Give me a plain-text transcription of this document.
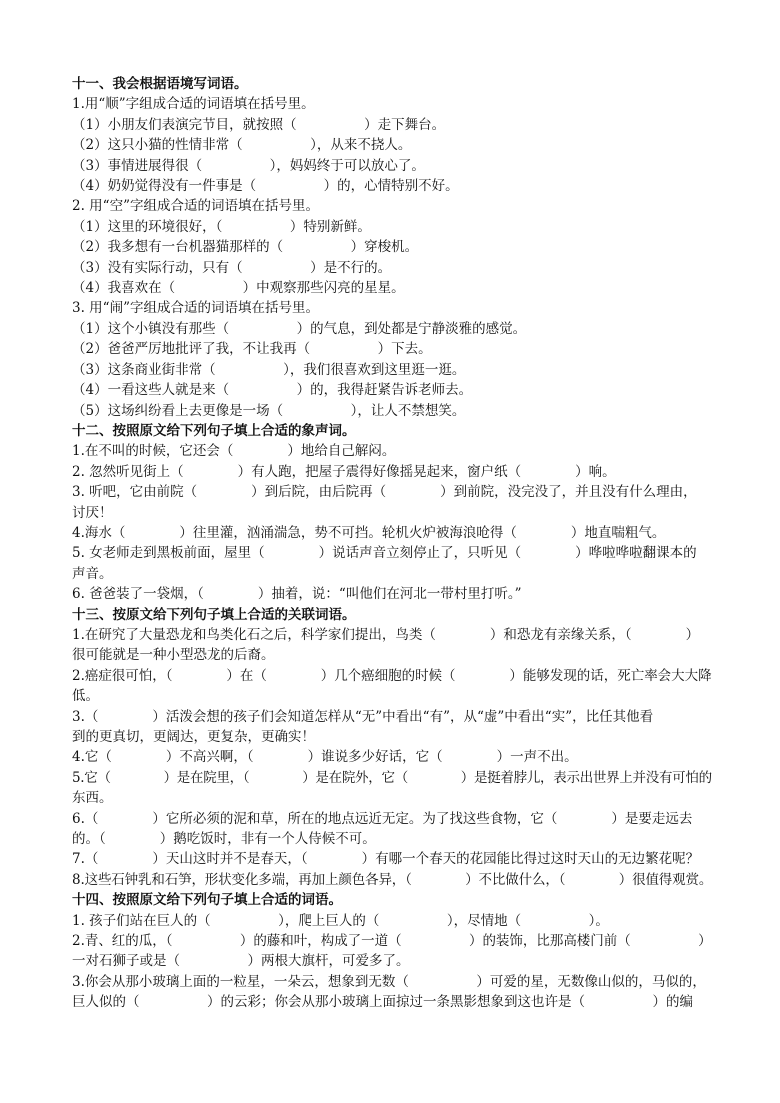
十一、我会根据语境写词语。
1.用“顺”字组成合适的词语填在括号里。
（1）小朋友们表演完节目，就按照（　　　　　）走下舞台。
（2）这只小猫的性情非常（　　　　　），从来不挠人。
（3）事情进展得很（　　　　　），妈妈终于可以放心了。
（4）奶奶觉得没有一件事是（　　　　　）的，心情特别不好。
2. 用“空”字组成合适的词语填在括号里。
（1）这里的环境很好，（　　　　　）特别新鲜。
（2）我多想有一台机器猫那样的（　　　　　）穿梭机。
（3）没有实际行动，只有（　　　　　）是不行的。
（4）我喜欢在（　　　　　）中观察那些闪亮的星星。
3. 用“闹”字组成合适的词语填在括号里。
（1）这个小镇没有那些（　　　　　）的气息，到处都是宁静淡雅的感觉。
（2）爸爸严厉地批评了我，不让我再（　　　　　）下去。
（3）这条商业街非常（　　　　　），我们很喜欢到这里逛一逛。
（4）一看这些人就是来（　　　　　）的，我得赶紧告诉老师去。
（5）这场纠纷看上去更像是一场（　　　　　），让人不禁想笑。
十二、按照原文给下列句子填上合适的象声词。
1.在不叫的时候，它还会（　　　　）地给自己解闷。
2. 忽然听见街上（　　　　）有人跑，把屋子震得好像摇晃起来，窗户纸（　　　　）响。
3. 听吧，它由前院（　　　　）到后院，由后院再（　　　　）到前院，没完没了，并且没有什么理由，
讨厌！
4.海水（　　　　）往里灌，汹涌湍急，势不可挡。轮机火炉被海浪呛得（　　　　）地直喘粗气。
5. 女老师走到黑板前面，屋里（　　　　）说话声音立刻停止了，只听见（　　　　）哗啦哗啦翻课本的
声音。
6. 爸爸装了一袋烟，（　　　　）抽着，说：“叫他们在河北一带村里打听。”
十三、按原文给下列句子填上合适的关联词语。
1.在研究了大量恐龙和鸟类化石之后，科学家们提出，鸟类（　　　　）和恐龙有亲缘关系，（　　　　）
很可能就是一种小型恐龙的后裔。
2.癌症很可怕，（　　　　）在（　　　　）几个癌细胞的时候（　　　　）能够发现的话，死亡率会大大降
低。
3.（　　　　）活泼会想的孩子们会知道怎样从“无”中看出“有”，从“虚”中看出“实”，比任其他看
到的更真切，更阔达，更复杂，更确实！
4.它（　　　　）不高兴啊，（　　　　）谁说多少好话，它（　　　　）一声不出。
5.它（　　　　）是在院里，（　　　　）是在院外，它（　　　　）是挺着脖儿，表示出世界上并没有可怕的
东西。
6.（　　　　）它所必须的泥和草，所在的地点远近无定。为了找这些食物，它（　　　　）是要走远去
的。（　　　　）鹅吃饭时，非有一个人侍候不可。
7.（　　　　）天山这时并不是春天，（　　　　）有哪一个春天的花园能比得过这时天山的无边繁花呢？
8.这些石钟乳和石笋，形状变化多端，再加上颜色各异，（　　　　）不比做什么，（　　　　）很值得观赏。
十四、按照原文给下列句子填上合适的词语。
1. 孩子们站在巨人的（　　　　　），爬上巨人的（　　　　　），尽情地（　　　　　）。
2.青、红的瓜，（　　　　　）的藤和叶，构成了一道（　　　　　）的装饰，比那高楼门前（　　　　　）
一对石狮子或是（　　　　　）两根大旗杆，可爱多了。
3.你会从那小玻璃上面的一粒星，一朵云，想象到无数（　　　　　）可爱的星，无数像山似的，马似的，
巨人似的（　　　　　）的云彩；你会从那小玻璃上面掠过一条黑影想象到这也许是（　　　　　）的编
